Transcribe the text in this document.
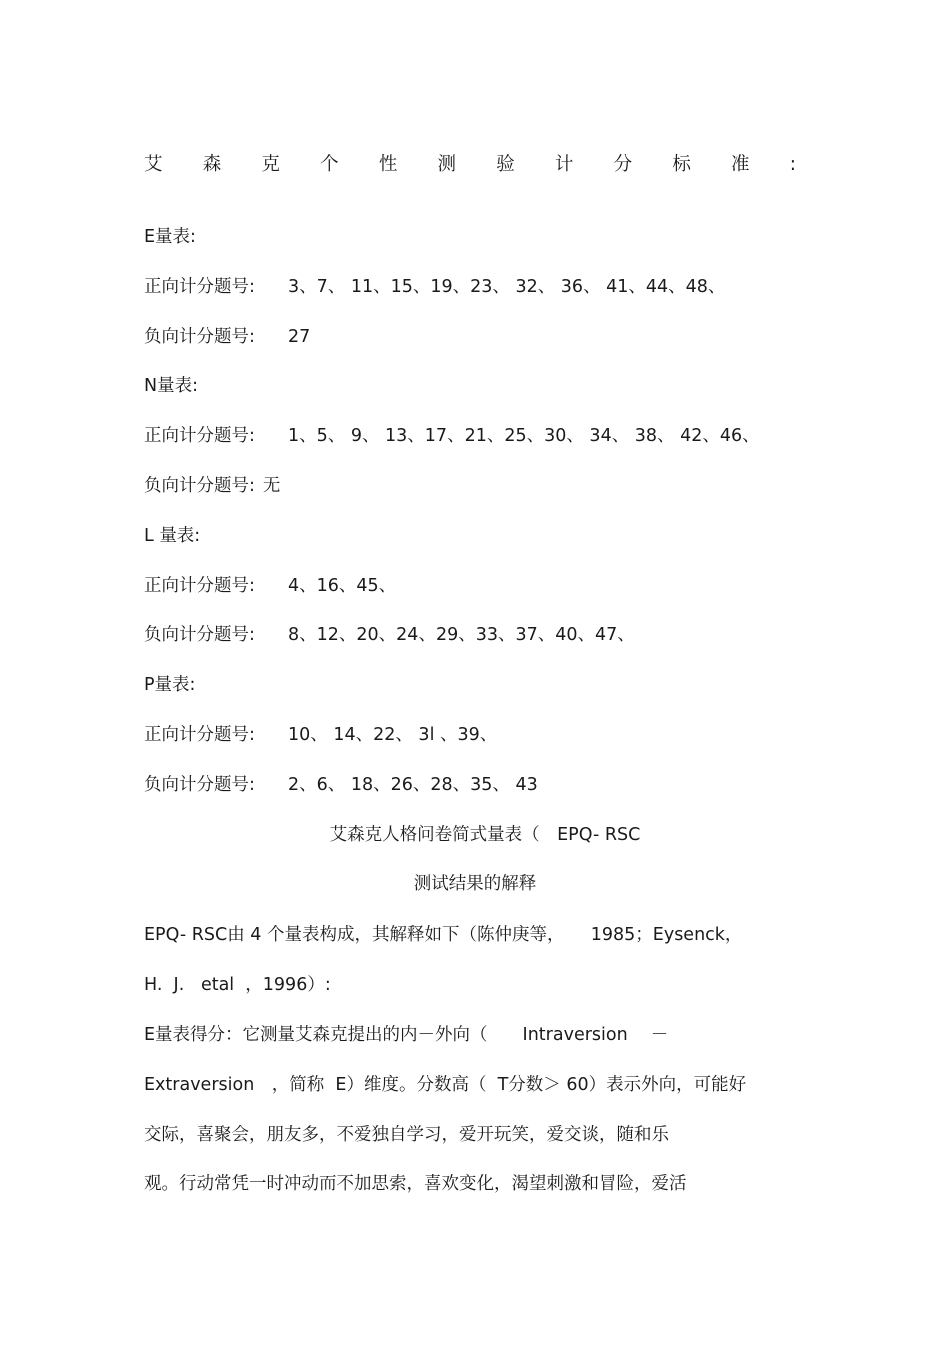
艾 森 克 个 性 测 验 计 分 标 准 :
E量表:
正向计分题号: 3、7、 11、15、19、23、 32、 36、 41、44、48、
负向计分题号: 27
N量表:
正向计分题号: 1、5、 9、 13、17、21、25、30、 34、 38、 42、46、
负向计分题号: 无
L 量表:
正向计分题号: 4、16、45、
负向计分题号: 8、12、20、24、29、33、37、40、47、
P量表:
正向计分题号: 10、 14、22、 3l 、39、
负向计分题号: 2、6、 18、26、28、35、 43
艾森克人格问卷简式量表（　EPQ- RSC
测试结果的解释
EPQ- RSC由 4 个量表构成，其解释如下（陈仲庚等，　　1985；Eysenck，
H.  J.   etal  ，1996）:
E量表得分：它测量艾森克提出的内－外向（　　Intraversion　 －
Extraversion　，简称  E）维度。分数高（  T分数＞ 60）表示外向，可能好
交际，喜聚会，朋友多，不爱独自学习，爱开玩笑，爱交谈，随和乐
观。行动常凭一时冲动而不加思索，喜欢变化，渴望刺激和冒险，爱活
